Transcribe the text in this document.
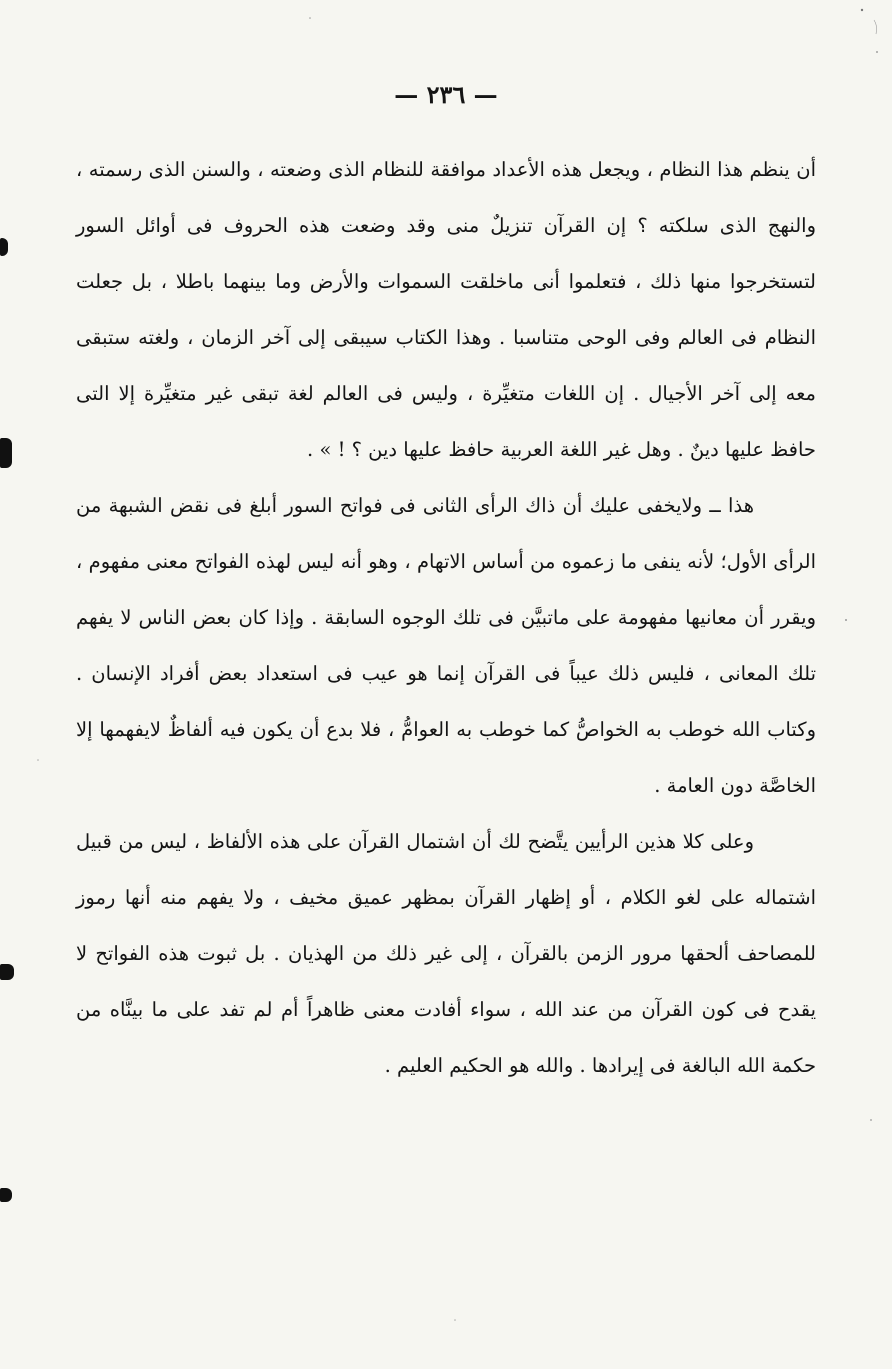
— ٢٣٦ —

أن ينظم هذا النظام ، ويجعل هذه الأعداد موافقة للنظام الذى وضعته ، والسنن الذى رسمته ، والنهج الذى سلكته ؟ إن القرآن تنزيلٌ منى وقد وضعت هذه الحروف فى أوائل السور لتستخرجوا منها ذلك ، فتعلموا أنى ماخلقت السموات والأرض وما بينهما باطلا ، بل جعلت النظام فى العالم وفى الوحى متناسبا . وهذا الكتاب سيبقى إلى آخر الزمان ، ولغته ستبقى معه إلى آخر الأجيال . إن اللغات متغيِّرة ، وليس فى العالم لغة تبقى غير متغيِّرة إلا التى حافظ عليها دينٌ . وهل غير اللغة العربية حافظ عليها دين ؟ ! » .

هذا ــ ولايخفى عليك أن ذاك الرأى الثانى فى فواتح السور أبلغ فى نقض الشبهة من الرأى الأول؛ لأنه ينفى ما زعموه من أساس الاتهام ، وهو أنه ليس لهذه الفواتح معنى مفهوم ، ويقرر أن معانيها مفهومة على ماتبيَّن فى تلك الوجوه السابقة . وإذا كان بعض الناس لا يفهم تلك المعانى ، فليس ذلك عيباً فى القرآن إنما هو عيب فى استعداد بعض أفراد الإنسان . وكتاب الله خوطب به الخواصُّ كما خوطب به العوامُّ ، فلا بدع أن يكون فيه ألفاظٌ لايفهمها إلا الخاصَّة دون العامة .

وعلى كلا هذين الرأيين يتَّضح لك أن اشتمال القرآن على هذه الألفاظ ، ليس من قبيل اشتماله على لغو الكلام ، أو إظهار القرآن بمظهر عميق مخيف ، ولا يفهم منه أنها رموز للمصاحف ألحقها مرور الزمن بالقرآن ، إلى غير ذلك من الهذيان . بل ثبوت هذه الفواتح لا يقدح فى كون القرآن من عند الله ، سواء أفادت معنى ظاهراً أم لم تفد على ما بينَّاه من حكمة الله البالغة فى إيرادها . والله هو الحكيم العليم .
